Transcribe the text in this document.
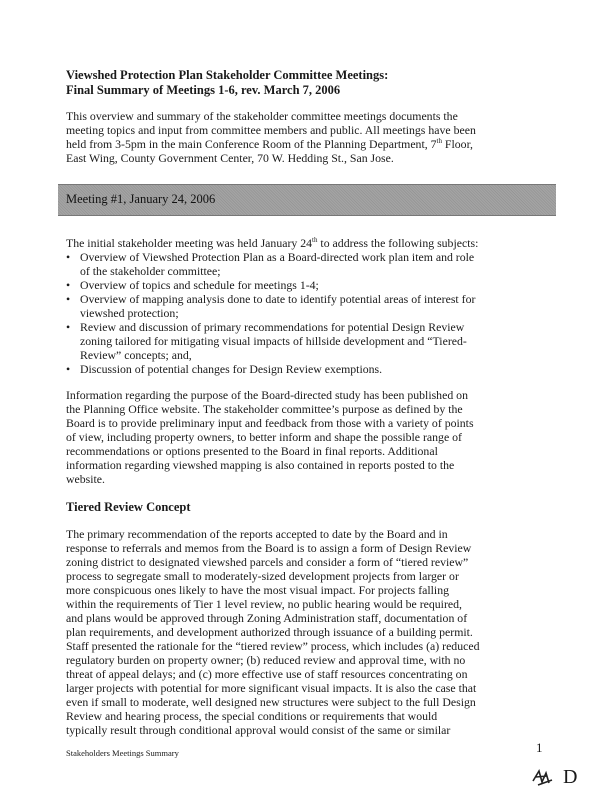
Viewshed Protection Plan Stakeholder Committee Meetings:
Final Summary of Meetings 1-6, rev. March 7, 2006
This overview and summary of the stakeholder committee meetings documents the
meeting topics and input from committee members and public. All meetings have been
held from 3-5pm in the main Conference Room of the Planning Department, 7th Floor,
East Wing, County Government Center, 70 W. Hedding St., San Jose.
Meeting #1, January 24, 2006
The initial stakeholder meeting was held January 24th to address the following subjects:
• Overview of Viewshed Protection Plan as a Board-directed work plan item and role
of the stakeholder committee;
• Overview of topics and schedule for meetings 1-4;
• Overview of mapping analysis done to date to identify potential areas of interest for
viewshed protection;
• Review and discussion of primary recommendations for potential Design Review
zoning tailored for mitigating visual impacts of hillside development and “Tiered-
Review” concepts; and,
• Discussion of potential changes for Design Review exemptions.
Information regarding the purpose of the Board-directed study has been published on
the Planning Office website. The stakeholder committee’s purpose as defined by the
Board is to provide preliminary input and feedback from those with a variety of points
of view, including property owners, to better inform and shape the possible range of
recommendations or options presented to the Board in final reports. Additional
information regarding viewshed mapping is also contained in reports posted to the
website.
Tiered Review Concept
The primary recommendation of the reports accepted to date by the Board and in
response to referrals and memos from the Board is to assign a form of Design Review
zoning district to designated viewshed parcels and consider a form of “tiered review”
process to segregate small to moderately-sized development projects from larger or
more conspicuous ones likely to have the most visual impact. For projects falling
within the requirements of Tier 1 level review, no public hearing would be required,
and plans would be approved through Zoning Administration staff, documentation of
plan requirements, and development authorized through issuance of a building permit.
Staff presented the rationale for the “tiered review” process, which includes (a) reduced
regulatory burden on property owner; (b) reduced review and approval time, with no
threat of appeal delays; and (c) more effective use of staff resources concentrating on
larger projects with potential for more significant visual impacts. It is also the case that
even if small to moderate, well designed new structures were subject to the full Design
Review and hearing process, the special conditions or requirements that would
typically result through conditional approval would consist of the same or similar
Stakeholders Meetings Summary	1
D
